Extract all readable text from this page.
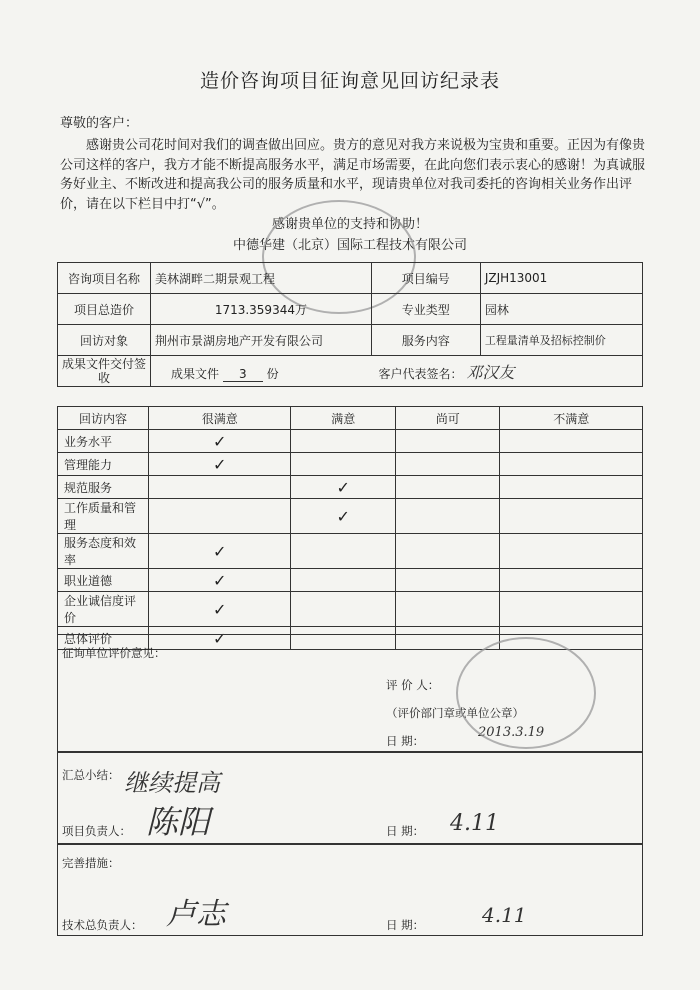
造价咨询项目征询意见回访纪录表
尊敬的客户：
感谢贵公司花时间对我们的调查做出回应。贵方的意见对我方来说极为宝贵和重要。正因为有像贵公司这样的客户，我方才能不断提高服务水平，满足市场需要，在此向您们表示衷心的感谢！为真诚服务好业主、不断改进和提高我公司的服务质量和水平，现请贵单位对我司委托的咨询相关业务作出评价，请在以下栏目中打“√”。
感谢贵单位的支持和协助！
中德华建（北京）国际工程技术有限公司
咨询项目名称	美林湖畔二期景观工程	项目编号	JZJH13001
项目总造价	1713.359344万	专业类型	园林
回访对象	荆州市景湖房地产开发有限公司	服务内容	工程量清单及招标控制价
成果文件交付签收	成果文件 3 份 客户代表签名： 邓汉友		
回访内容	很满意	满意	尚可	不满意
业务水平	✓			
管理能力	✓			
规范服务		✓		
工作质量和管理		✓		
服务态度和效率	✓			
职业道德	✓			
企业诚信度评价	✓			
总体评价	✓			
征询单位评价意见：
评 价 人：
（评价部门章或单位公章）
日 期：
2013.3.19
汇总小结： 继续提高
项目负责人： 陈阳	日 期： 4.11
完善措施：
技术总负责人： 卢志	日 期：	4.11
